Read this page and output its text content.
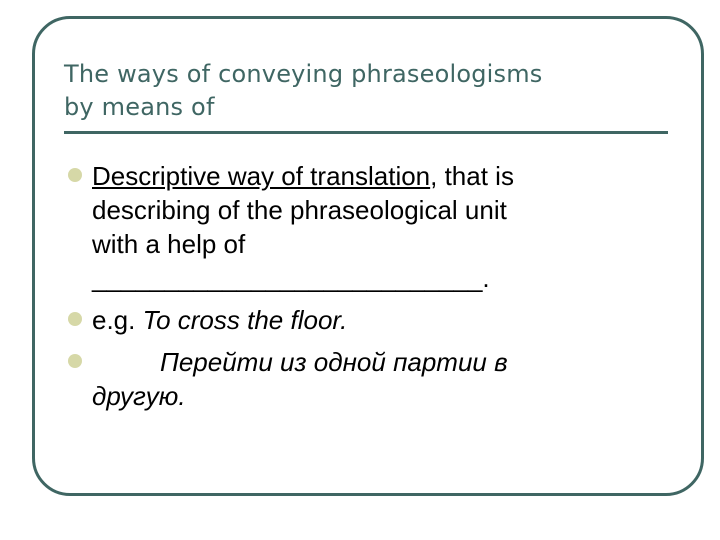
The ways of conveying phraseologisms
by means of
Descriptive way of translation, that is
describing of the phraseological unit
with a help of
___________________________.
e.g. To cross the floor.
Перейти из одной партии в
другую.
